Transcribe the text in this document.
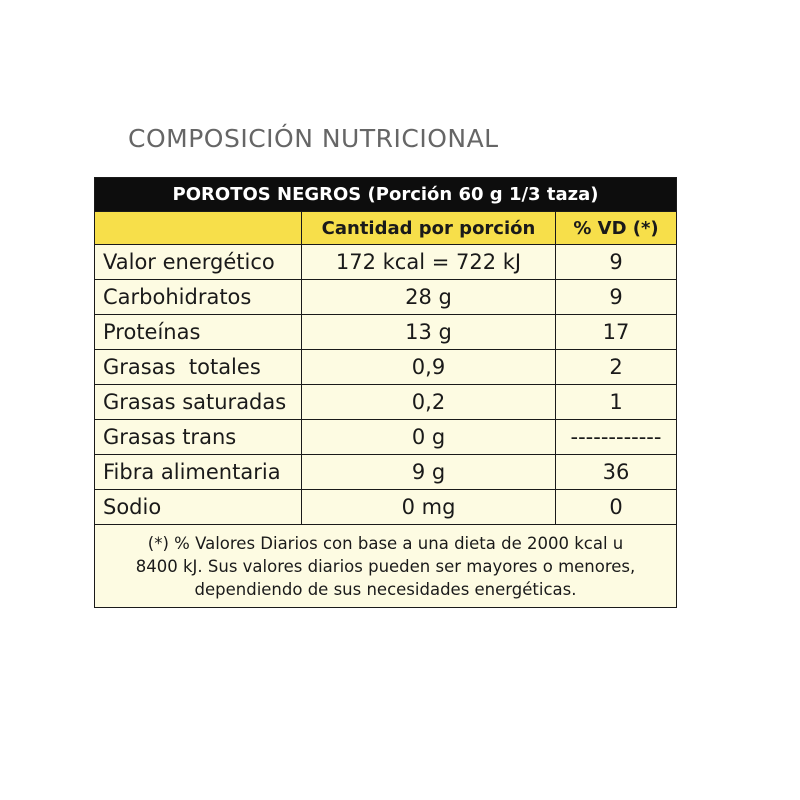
COMPOSICIÓN NUTRICIONAL
POROTOS NEGROS (Porción 60 g 1/3 taza)		
	Cantidad por porción	% VD (*)
Valor energético	172 kcal = 722 kJ	9
Carbohidratos	28 g	9
Proteínas	13 g	17
Grasas  totales	0,9	2
Grasas saturadas	0,2	1
Grasas trans	0 g	------------
Fibra alimentaria	9 g	36
Sodio	0 mg	0

(*) % Valores Diarios con base a una dieta de 2000 kcal u
8400 kJ. Sus valores diarios pueden ser mayores o menores,
dependiendo de sus necesidades energéticas.		
